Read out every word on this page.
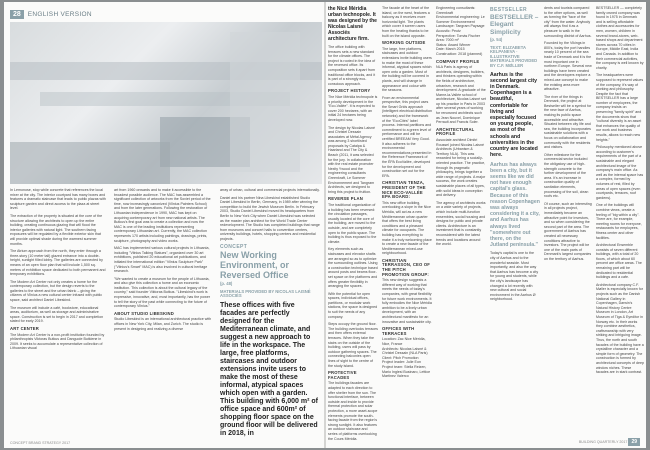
28	ENGLISH VERSION

In Lemonose, stop while concrete that references the local mixer at the city. The interior courtyard has many boxes and features a dramatic staircase that leads to public plazas with sculpture garden and direct access to the plaza at street level.

The extraction of the property is situated at the core of the structure allowing the architects to open up the entire building, creating continuous glazing that will flood the interior galleries with natural light. The southern facing exposures will be regulated by a flexible exterior skin that will provide optimal shade during the warmest summer months.

The Atrium approach from the north, they enter through a three-story (10 meter tall) glazed entrance into a double-height, sunlight filled lobby. The galleries are connected by means of an open floor plan that will include 1,500 sq. meters of exhibition space dedicated to both permanent and temporary exhibitions.

The Modern Art Center not only creates a home for the contemporary collection, but the design reverts to the galleries to the street and the urban fabric – giving the citizens of Vilnius a new cultural center infused with public space, said architect Daniel Libeskind.

The museum will include a café, bookstore, educational areas, auditorium, as well as storage and administrative space. Construction is set to begin in 2017 and completion slated for early 2019.

ART CENTER

The Modern Art Center is a non-profit institution founded by philanthropists Viktoras Butkus and Danguole Butkiene in 2009. It seeks to accumulate a representative collection of Lithuanian visual

art from 1960 onwards and to make it accessible to the broadest possible audience. The MAC has assembled a significant collection of artworks from the Soviet period of the time, now increasingly canonized (Vilnius Painters School) and from the later generations. Following the restoration of Lithuanian independence in 1990, MAC has kept on acquiring contemporary art from new national artists. The Butkus's first goal was to create a collection and now the MAC is one of the leading institutions representing contemporary Lithuanian art. Currently, the MAC collection represents 170 artists including paintings, drawings, prints, sculpture, photography and video works.

MAC has implemented various cultural projects in Lithuania, including "Vilnius Talking Statues", organized over 30 art exhibitions, published 20 educational art publications, and initiated the international edition "Vilnius Sculpture Park" ("Vilnius's Smart" MAC) is also involved in cultural heritage research.

"We wanted to create a museum for the people of Lithuania, and also give this collection a home and an economic institution. This collection is about the cultural legacy of the country," said founder Viktoras Butkus. "Libeskind's work is expressive, innovative, and, most importantly, has the power to tell the story of the past while connecting to the future of contemporary Vilnius."

ABOUT STUDIO LIBESKIND

Studio Libeskind is an international architectural practice with offices in New York City, Milan, and Zurich. The studio is present in designing and realizing a diverse

array of urban, cultural and commercial projects internationally.

Daniel and his partner Nina Libeskind established Studio Daniel Libeskind in Berlin, Germany, in 1989 after winning the competition to build the Jewish Museum Berlin. In February 2003, Studio Daniel Libeskind moved its headquarters from Berlin to New York City when Daniel Libeskind was selected as the master plan architect for the World Trade Center redevelopment. The Studio has completed buildings that range from museums and concert halls to convention centers, university buildings, hotels, shopping centers and residential projects.

CONCEPT
New Working Environment, or Reversed Office
(p. 48)
MATERIALS PROVIDED BY NICOLAS LAISNÉ ASSOCIÉS
These offices with five facades are perfectly designed for the Mediterranean climate, and suggest a new approach to life in the workspace. The large, free platforms, staircases and outdoor extensions invite users to make the most of these informal, atypical spaces which open with a garden. This building with 6,000 m² of office space and 600m² of shopping floor space on the ground floor will be delivered in 2018, in
CONCEPT BRAND STRATEGY 2017
the Nicé Méridia urban technopole. It was designed by the Nicolas Laisné Associés architecture firm.

The office building with terraces sets a new standard for the climate offices. The project is rooted in the idea of the reversed office. Its composition sets it apart from traditional office blocks, and it is part of a strongly eco-conscious approach.

PROJECT HISTORY

The Nice Méridia technopole is a priority development in the "Eco-Vallée". It is expected to cover 200 hectares, with an initial 24 hectares being developed now.

The design by Nicolas Laisné and Christel Dessain associates at Métal Agency was among 3 shortlisted proposals by Catalpa & Haarland and The City & Beach (2011, it was selected for the jury. In collaboration with the real estate promoter Nexity Ywood and the engineering consultants Greenkraft, Le Sommer Environnement and Tangram Architects, we designed to bring this project to fruition.

REVERSE PLAN

The traditional organization of a building has been reversed: the circulation passages, usually located at the core of the building, are moved to the outside, and are completely open to the public space. The building is thus exposed to the climate.

Key elements such as staircases and elevator shafts are arranged so as to optimize the surrounding outlines. Using a construction technique based around posts and beams floor-set space on the platforms and offers greater flexibility in arranging the spaces.

With the potential for open spaces, individual offices, partitions, or modular work stations, the space is designed to suit the needs of any company.

Steps occupy the ground floor. The building overlooks terraces and then offers external terraces. When they take the stairs on the outside of the building, users will pass by outdoor gathering spaces. The connecting balconies open lines of sight to the centre of the study island.

PROTECTIVE FACADES

The buildings facades are adapted to each direction to offer shelter from the sun. The functional interface, between outside and inside to provide thermal protection and solar protection, a more asset-scope elements promote the south-facing facade from the region's strong sunlight. It also features an outdoor staircase and series of platforms overlooking the Cours Méridia.

The facade at the heart of the island, on the west, features a balcony as it receives more horizontal light. The plants which cover it screen users from the heating thanks to be built on the island opposite.

WORKING OUTSIDE

The large, free platforms, staircases and outdoor extensions invite building users to make the most of these informal, atypical spaces which open onto a garden. Most of the building will be covered in plants, and will change in appearance and colour with the seasons.

From an environmental perspective, this project uses the Smart Grids approach (intelligent electrical distribution networks) and the framework of the "EcoCités" label process. Internal partitions and commitment to a green level of performance and will be certified BREEAM Very Good. It also adheres to the environmental recommendations presented in the Reference Framework of the ÉPA EcoVallée, developed for the development and construction set out for the EPA.

CHRISTIAN TENZA, PRESIDENT OF THE NICE ECO-VALLÉE EPA BOARD:

This new office building, overlooking a slope in the Nice Méridia, will act as a new Méditerranean urban quarter that offers the best living conditions and a pleasant climate for occupants. The building has everything to make it a truly welcoming place to create a new facade of the Mediterranean mixed-use neighbourhood.

CHRISTIAN TERRASSON, CEO OF THE PITCH PROMOTION GROUP:

This new design suggests a different way of working that meets the needs of today's companies, with great flexibility for future work environments. It fully embodies the Nice Méridia ambition to be a lively urban development, with an architectural manifesto for an innovative and sustainable city.

OFFICES WITH TERRACES

Location: Zac Nice Méridia, Nice, France
Architects: Nicolas Laisné & Christel Dessain (NLA Paris)
Client: Pitch Promotion
Project leader: Julie Eon
Project team: Stella Reizen, Mario Inglesi Businaro, Lettice Martinez Valerco

Engineering consultants: Greenkraft
Environmental engineering: Le Sommer Environnement
Landscape: Tangram Paysage
Acoustic: Peutz
Perspective: Tomás Fischer
Area: 7000 m²
Status: Award Winner
Date: March 2015
Construction: 2018 (planned)

COMPANY PROFILE

NLA Paris is agency of architects, designers, builders, and thinkers operating within the fields of architecture, urbanism, research and development. A graduate of the Marne-la-Vallée school of architecture, Nicolas Laisné set up his practice in Paris in 2003 after several years of working for renowned architects such as Jean Nouvel, Dominique Perrault and Francis Soler.

ARCHITECTURAL PROFILE

Associate architect Dimitri Roussel joined Nicolas Laisné Architects (Urbanism & Territory NLA). This was rewarded for being a socially-oriented practice. The practice, through its pragmatic philosophy, brings together a wide range of projects. A major success, the work creates sustainable places of all types, with solid ideas in conception and delivery.

The agency of architects works on a wide variety of projects, which include multi-function ensembles, social housing and designs for public and private clients. Architecture is an investment that is constantly reconsidered with the latest trends and locations around the world.

BESTSELLER
BESTSELLER – Elegant Simplicity
(p. 54)
TEXT: ELIZABETA KELPANEVA · ILLUSTRATIVE MATERIALS PROVIDED BY C.F. MØLLER
Aarhus is the second largest city in Denmark. Copenhagen is a beautiful, comfortable for living and especially focused on young people, as most of the schools and universities in the country are located here.
Aarhus has always been a city, but it seems like we did not have enough capital's glass. Because of this reason Copenhagen was always considering it a city, and Aarhus has always lived "somewhere out there, on the Jutland peninsula."

Today's capital is one to the city of Aarhus and to the wonderful seaside. Most importantly, and also the way that Aarhus has become a city for young and students, while the city's landscape has changed a lot recently with new cultural and social environment in the Aarhus Ø neighborhood.

dents and tourists compared to the other options, as well as forming the "face of the city" from the water. Anybody will always find it as a pleasure to walk in the surrounding district of Aarhus.

Founded by the Vikings in 800's, today the port handles nearly 10 percent of the sea trade of Denmark and it is the most important one in northern Europe. Several new buildings have been created and the developers explore a mixed-use concept to make the existing area more attractive.

The river of the things in Denmark, the project at Bestseller will be a symbol for the new face of Aarhus, making its public space accessible and attractive. Situated between city life and sea, the building incorporates sustainable solutions with a focus on collaboration and community with the residents and visitors.

Other milestone for the commercial sector included the obligatory use of high-strength concrete to the further development of the area. It's an increase in construction quality of sanitation elements, processing of the soil, clean roofs etc.

Of course, such an interesting in all projects project, immediately became an attractive point for investors, and so when considering the second part of the area. The government of Aarhus has created all necessary conditions attractive to investors. The project will be one of the main parts of Denmark's largest companies on the territory of Aarhus.

BESTSELLER — completely family owned company was found in 1975 in Denmark and is selling affordable clothes and accessories for men, women, children in several brand-stores, web-based shops and department stores across 70 cities in Europe, Middle East, India and Canada. In addition to their commercial activities, the company is well known by charity.

The headquarters were supposed to represent values of the company, it's way of working and philosophy. Despite the fact that BESTSELLER has a large number of employees, the company insists on preserving "family spirit" and the documents show that "cultural diversity is an asset that enhances the quality of our work and business results, allows to reach new heights."

Philosophy mentioned above according to customer's requirements of the part of a sustainable and elegant architectural image of the company's main office. As well as the internal space has a complex, formed by volumes of rest, filled by areas of open spaces (even courtyards, terraces, roof gardens).

One of the buildings will combine views, create a feeling of "big within a city". There are, for example, meeting rooms for everyone, restaurants for employees, fitness center and other facilities.

Architectural Ensemble consists of seven different buildings, with a total of 20 floors, of which about 60 percent are office areas. The remaining part will be dedicated to residential buildings and a cafe.

Architectural company C.F. Møller is especially known for projects such as the Danish National Gallery in Copenhagen, Darwin's Natural History Centre Museum in London, Art Museum of Tiga & Eyeditor in Norway etc. In their works they combine aesthetics, craftsmanship with very striking and intriguing image. Thus, the north and south facades of the building have a crystalline character and a simple form of geometry. The construction is formed by architectural concepts of deep window niches. These facades are in stark contrast.

BUILDING QUARTERLY 2017 29
